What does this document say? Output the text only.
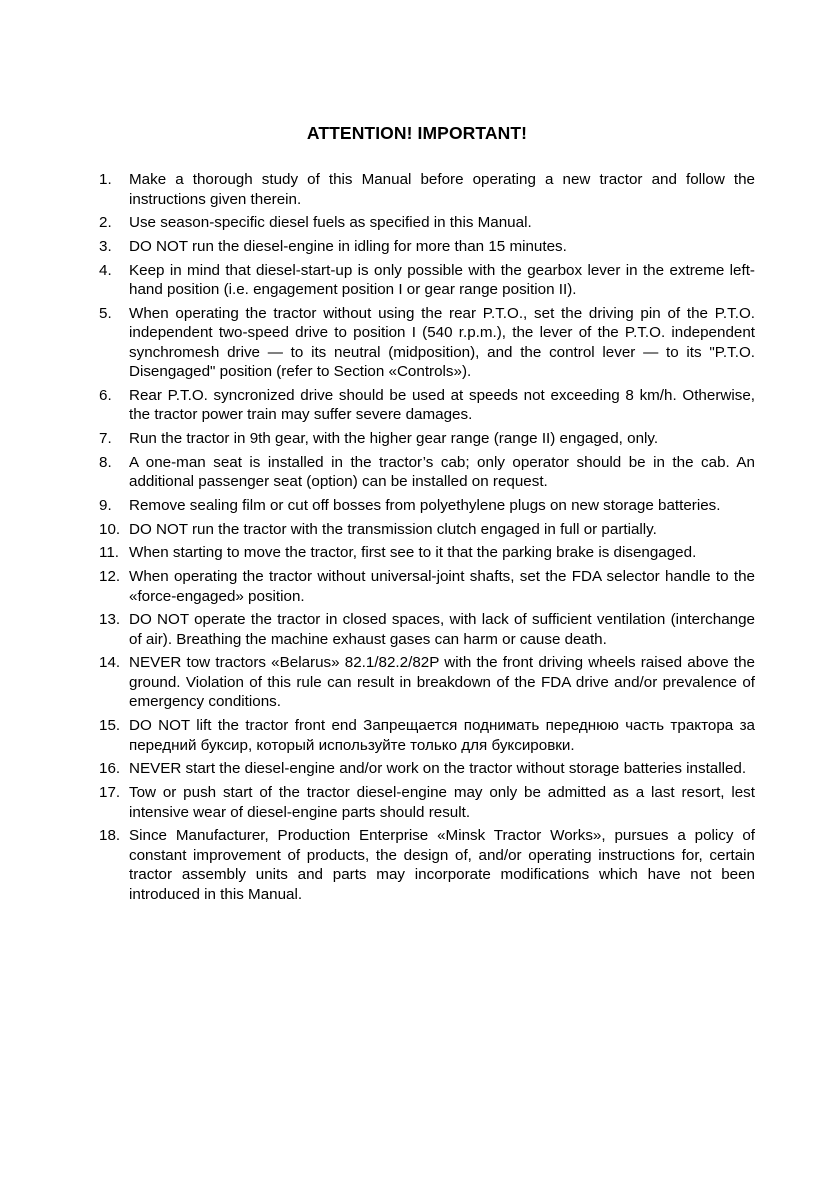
ATTENTION! IMPORTANT!
1. Make a thorough study of this Manual before operating a new tractor and follow the instructions given therein.
2. Use season-specific diesel fuels as specified in this Manual.
3. DO NOT run the diesel-engine in idling for more than 15 minutes.
4. Keep in mind that diesel-start-up is only possible with the gearbox lever in the extreme left-hand position (i.e. engagement position I or gear range position II).
5. When operating the tractor without using the rear P.T.O., set the driving pin of the P.T.O. independent two-speed drive to position I (540 r.p.m.), the lever of the P.T.O. independent synchromesh drive — to its neutral (midposition), and the control lever — to its "P.T.O. Disengaged" position (refer to Section «Controls»).
6. Rear P.T.O. syncronized drive should be used at speeds not exceeding 8 km/h. Otherwise, the tractor power train may suffer severe damages.
7. Run the tractor in 9th gear, with the higher gear range (range II) engaged, only.
8. A one-man seat is installed in the tractor’s cab; only operator should be in the cab. An additional passenger seat (option) can be installed on request.
9. Remove sealing film or cut off bosses from polyethylene plugs on new storage batteries.
10. DO NOT run the tractor with the transmission clutch engaged in full or partially.
11. When starting to move the tractor, first see to it that the parking brake is disengaged.
12. When operating the tractor without universal-joint shafts, set the FDA selector handle to the «force-engaged» position.
13. DO NOT operate the tractor in closed spaces, with lack of sufficient ventilation (interchange of air). Breathing the machine exhaust gases can harm or cause death.
14. NEVER tow tractors «Belarus» 82.1/82.2/82P with the front driving wheels raised above the ground. Violation of this rule can result in breakdown of the FDA drive and/or prevalence of emergency conditions.
15. DO NOT lift the tractor front end Запрещается поднимать переднюю часть трактора за передний буксир, который используйте только для буксировки.
16. NEVER start the diesel-engine and/or work on the tractor without storage batteries installed.
17. Tow or push start of the tractor diesel-engine may only be admitted as a last resort, lest intensive wear of diesel-engine parts should result.
18. Since Manufacturer, Production Enterprise «Minsk Tractor Works», pursues a policy of constant improvement of products, the design of, and/or operating instructions for, certain tractor assembly units and parts may incorporate modifications which have not been introduced in this Manual.
